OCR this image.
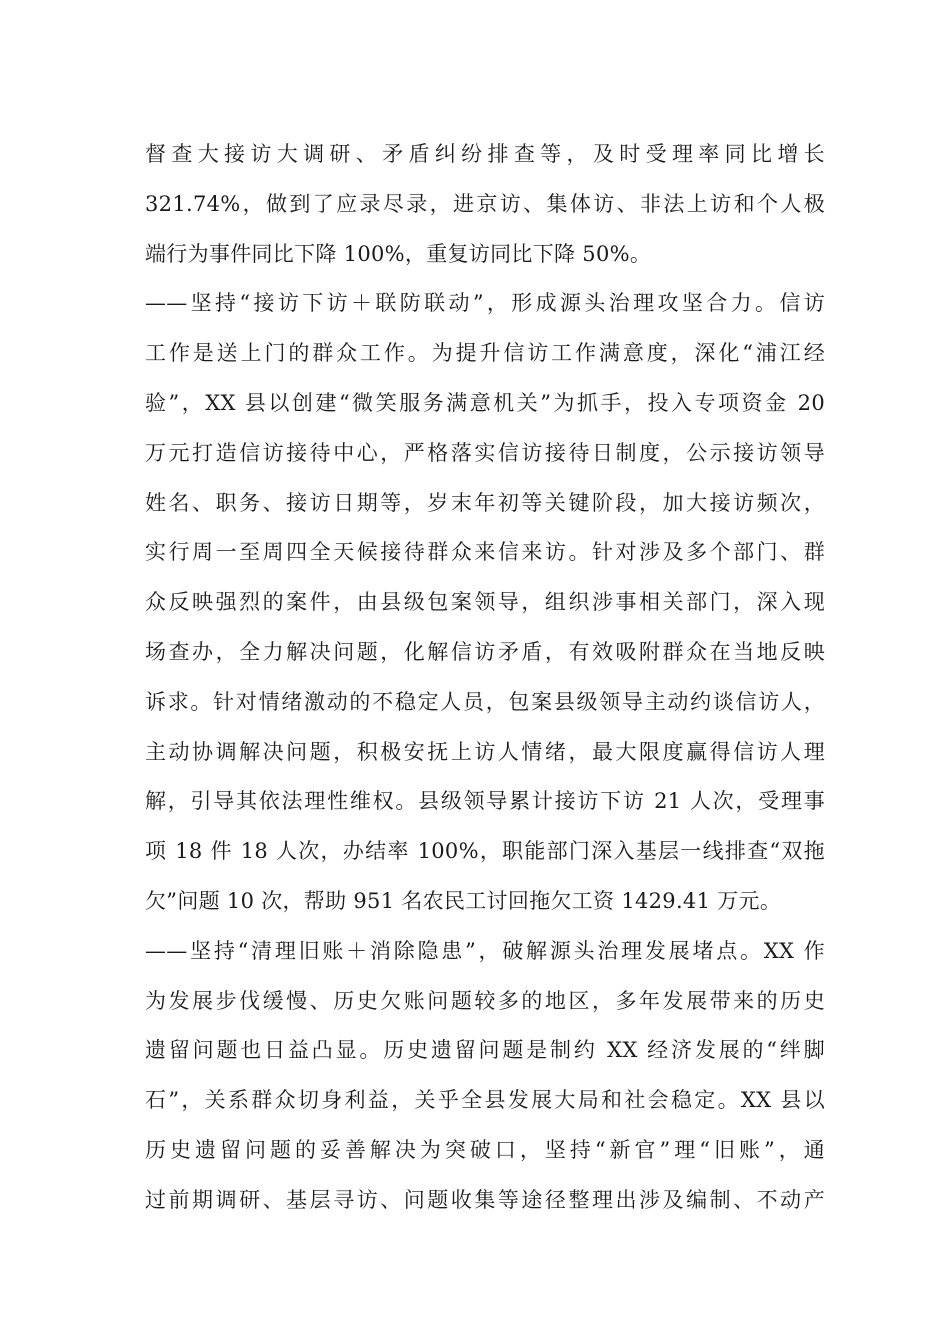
督查大接访大调研、矛盾纠纷排查等，及时受理率同比增长
321.74%，做到了应录尽录，进京访、集体访、非法上访和个人极
端行为事件同比下降 100%，重复访同比下降 50%。
——坚持“接访下访＋联防联动”，形成源头治理攻坚合力。信访
工作是送上门的群众工作。为提升信访工作满意度，深化“浦江经
验”，XX 县以创建“微笑服务满意机关”为抓手，投入专项资金 20
万元打造信访接待中心，严格落实信访接待日制度，公示接访领导
姓名、职务、接访日期等，岁末年初等关键阶段，加大接访频次，
实行周一至周四全天候接待群众来信来访。针对涉及多个部门、群
众反映强烈的案件，由县级包案领导，组织涉事相关部门，深入现
场查办，全力解决问题，化解信访矛盾，有效吸附群众在当地反映
诉求。针对情绪激动的不稳定人员，包案县级领导主动约谈信访人，
主动协调解决问题，积极安抚上访人情绪，最大限度赢得信访人理
解，引导其依法理性维权。县级领导累计接访下访 21 人次，受理事
项 18 件 18 人次，办结率 100%，职能部门深入基层一线排查“双拖
欠”问题 10 次，帮助 951 名农民工讨回拖欠工资 1429.41 万元。
——坚持“清理旧账＋消除隐患”，破解源头治理发展堵点。XX 作
为发展步伐缓慢、历史欠账问题较多的地区，多年发展带来的历史
遗留问题也日益凸显。历史遗留问题是制约 XX 经济发展的“绊脚
石”，关系群众切身利益，关乎全县发展大局和社会稳定。XX 县以
历史遗留问题的妥善解决为突破口，坚持“新官”理“旧账”，通
过前期调研、基层寻访、问题收集等途径整理出涉及编制、不动产
